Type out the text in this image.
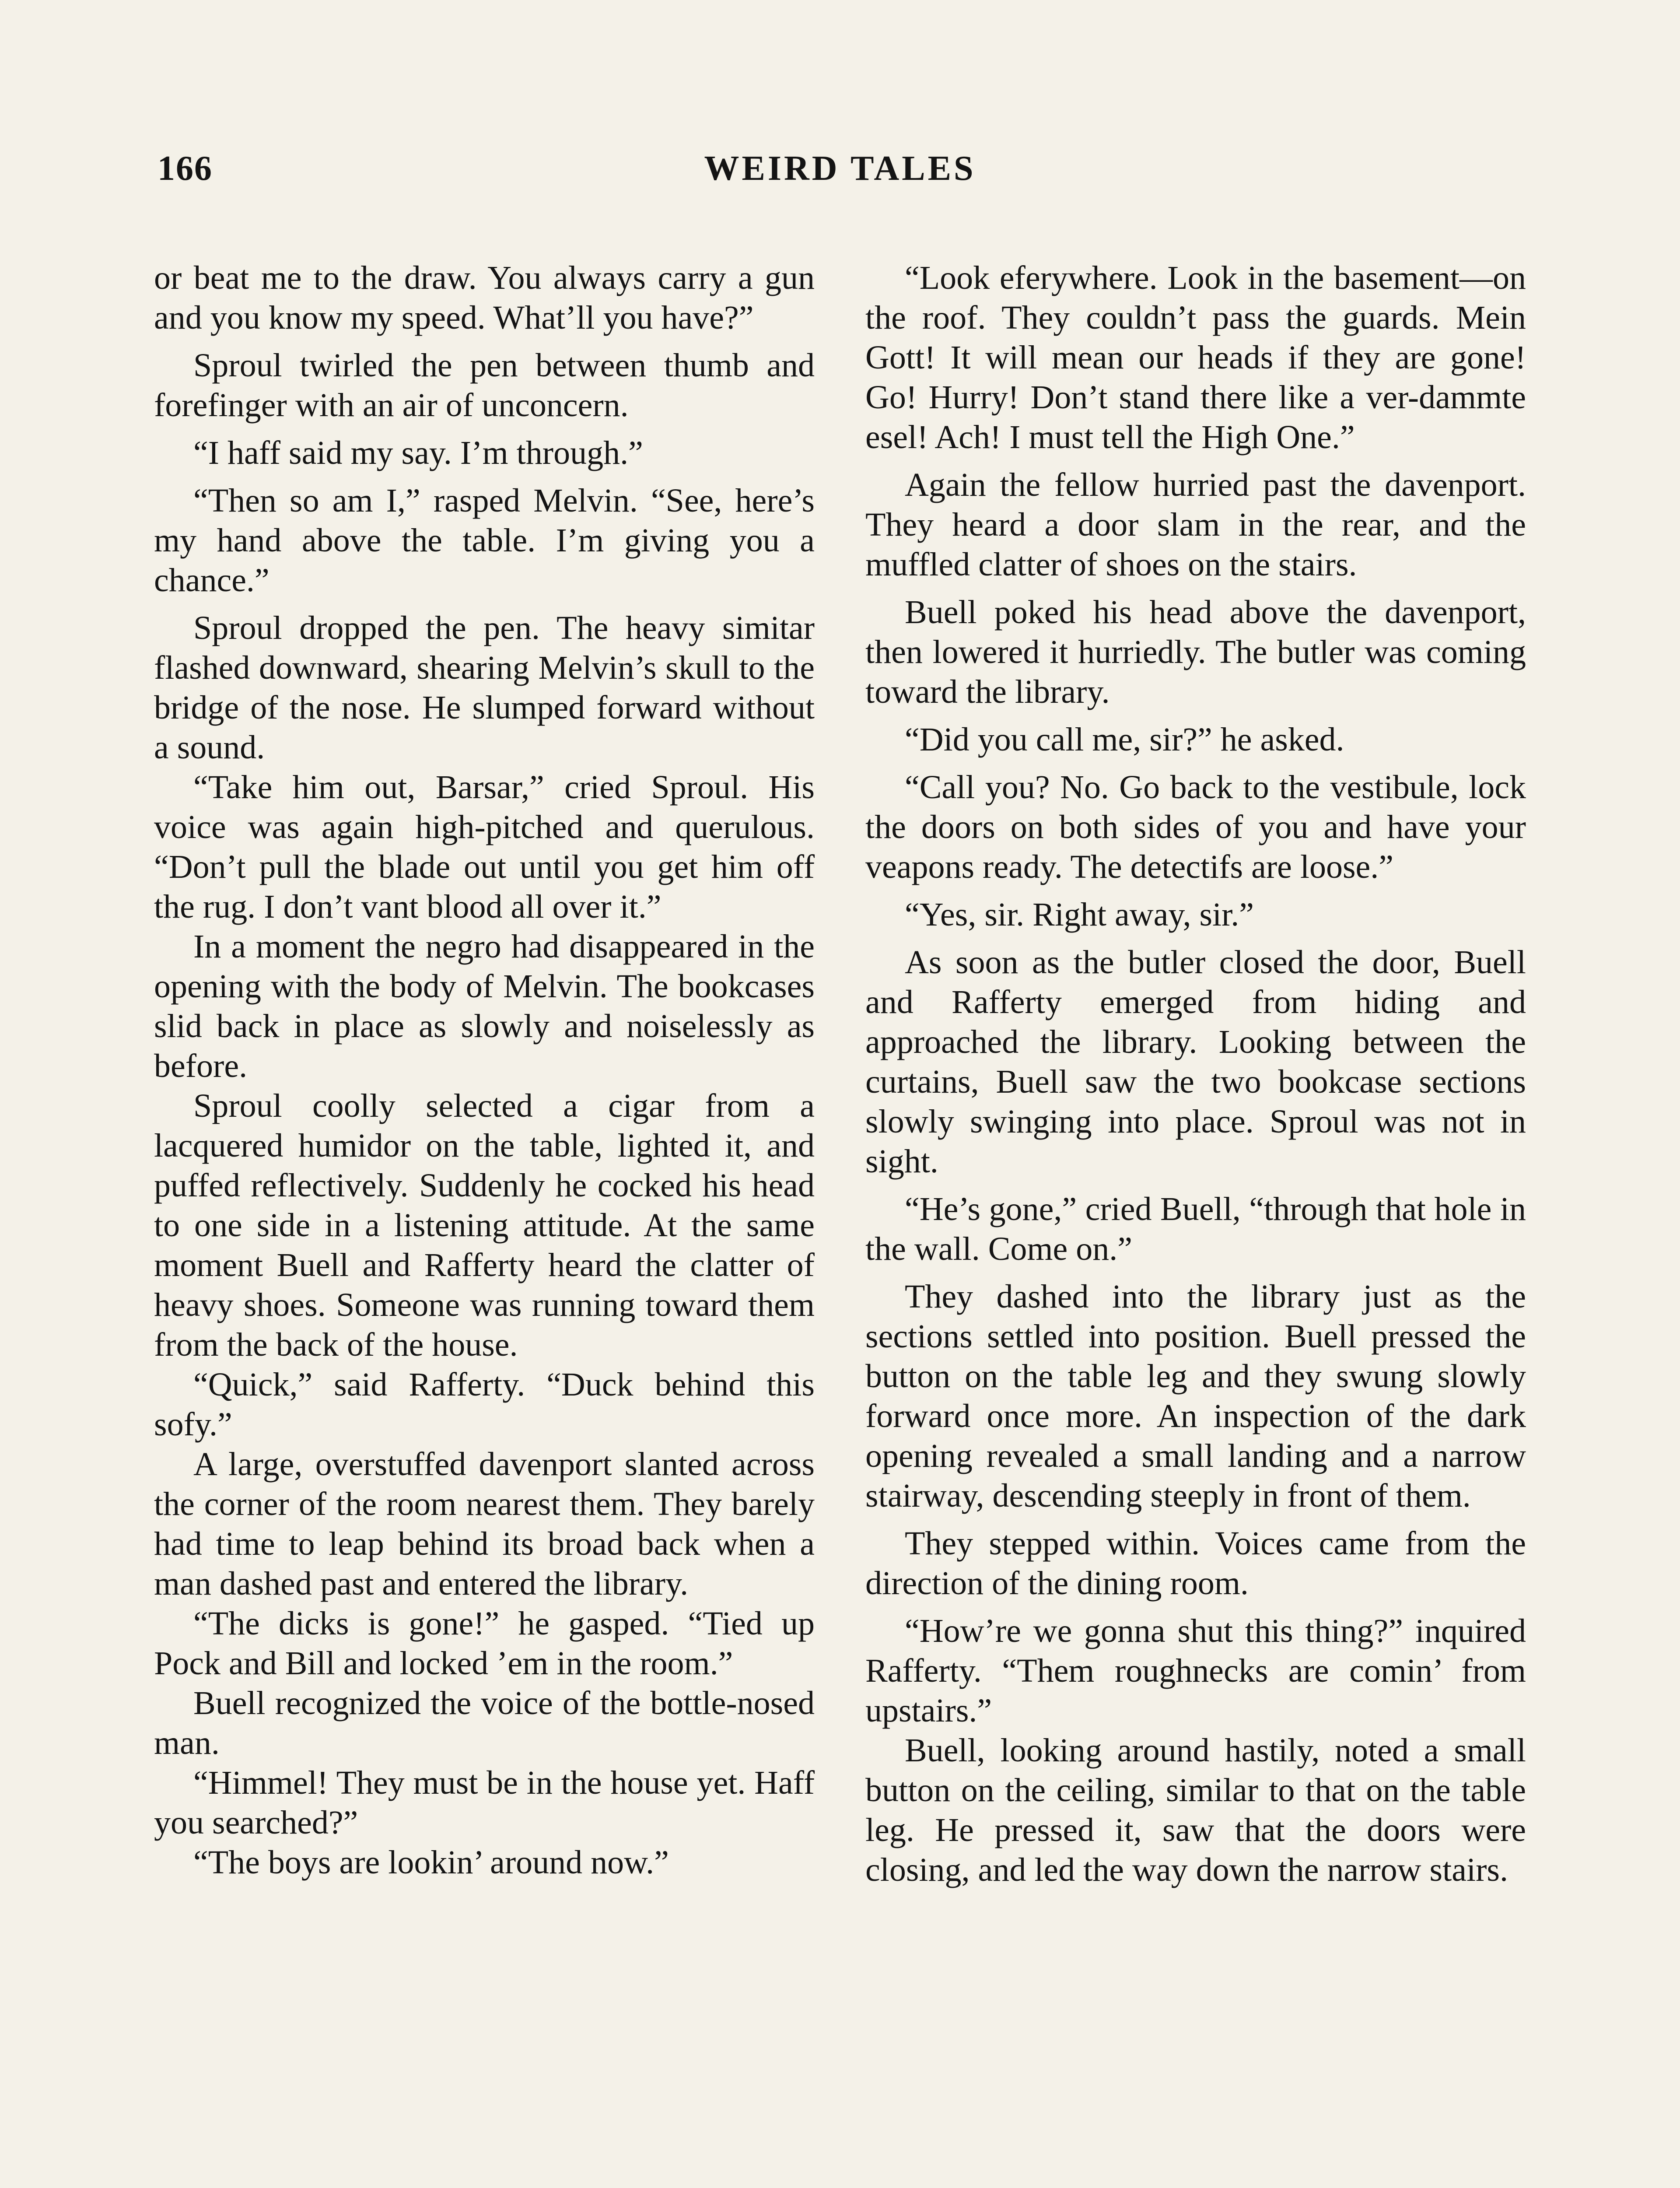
166	WEIRD TALES

or beat me to the draw. You always carry a gun and you know my speed. What’ll you have?”

Sproul twirled the pen between thumb and forefinger with an air of unconcern.

“I haff said my say. I’m through.”

“Then so am I,” rasped Melvin. “See, here’s my hand above the table. I’m giving you a chance.”

Sproul dropped the pen. The heavy simitar flashed downward, shearing Melvin’s skull to the bridge of the nose. He slumped forward without a sound.

“Take him out, Barsar,” cried Sproul. His voice was again high-pitched and querulous. “Don’t pull the blade out until you get him off the rug. I don’t vant blood all over it.”

In a moment the negro had disappeared in the opening with the body of Melvin. The bookcases slid back in place as slowly and noiselessly as before.

Sproul coolly selected a cigar from a lacquered humidor on the table, lighted it, and puffed reflectively. Suddenly he cocked his head to one side in a listening attitude. At the same moment Buell and Rafferty heard the clatter of heavy shoes. Someone was running toward them from the back of the house.

“Quick,” said Rafferty. “Duck behind this sofy.”

A large, overstuffed davenport slanted across the corner of the room nearest them. They barely had time to leap behind its broad back when a man dashed past and entered the library.

“The dicks is gone!” he gasped. “Tied up Pock and Bill and locked ’em in the room.”

Buell recognized the voice of the bottle-nosed man.

“Himmel! They must be in the house yet. Haff you searched?”

“The boys are lookin’ around now.”

“Look eferywhere. Look in the basement—on the roof. They couldn’t pass the guards. Mein Gott! It will mean our heads if they are gone! Go! Hurry! Don’t stand there like a ver-dammte esel! Ach! I must tell the High One.”

Again the fellow hurried past the davenport. They heard a door slam in the rear, and the muffled clatter of shoes on the stairs.

Buell poked his head above the davenport, then lowered it hurriedly. The butler was coming toward the library.

“Did you call me, sir?” he asked.

“Call you? No. Go back to the vestibule, lock the doors on both sides of you and have your veapons ready. The detectifs are loose.”

“Yes, sir. Right away, sir.”

As soon as the butler closed the door, Buell and Rafferty emerged from hiding and approached the library. Looking between the curtains, Buell saw the two bookcase sections slowly swinging into place. Sproul was not in sight.

“He’s gone,” cried Buell, “through that hole in the wall. Come on.”

They dashed into the library just as the sections settled into position. Buell pressed the button on the table leg and they swung slowly forward once more. An inspection of the dark opening revealed a small landing and a narrow stairway, descending steeply in front of them.

They stepped within. Voices came from the direction of the dining room.

“How’re we gonna shut this thing?” inquired Rafferty. “Them roughnecks are comin’ from upstairs.”

Buell, looking around hastily, noted a small button on the ceiling, similar to that on the table leg. He pressed it, saw that the doors were closing, and led the way down the narrow stairs.
